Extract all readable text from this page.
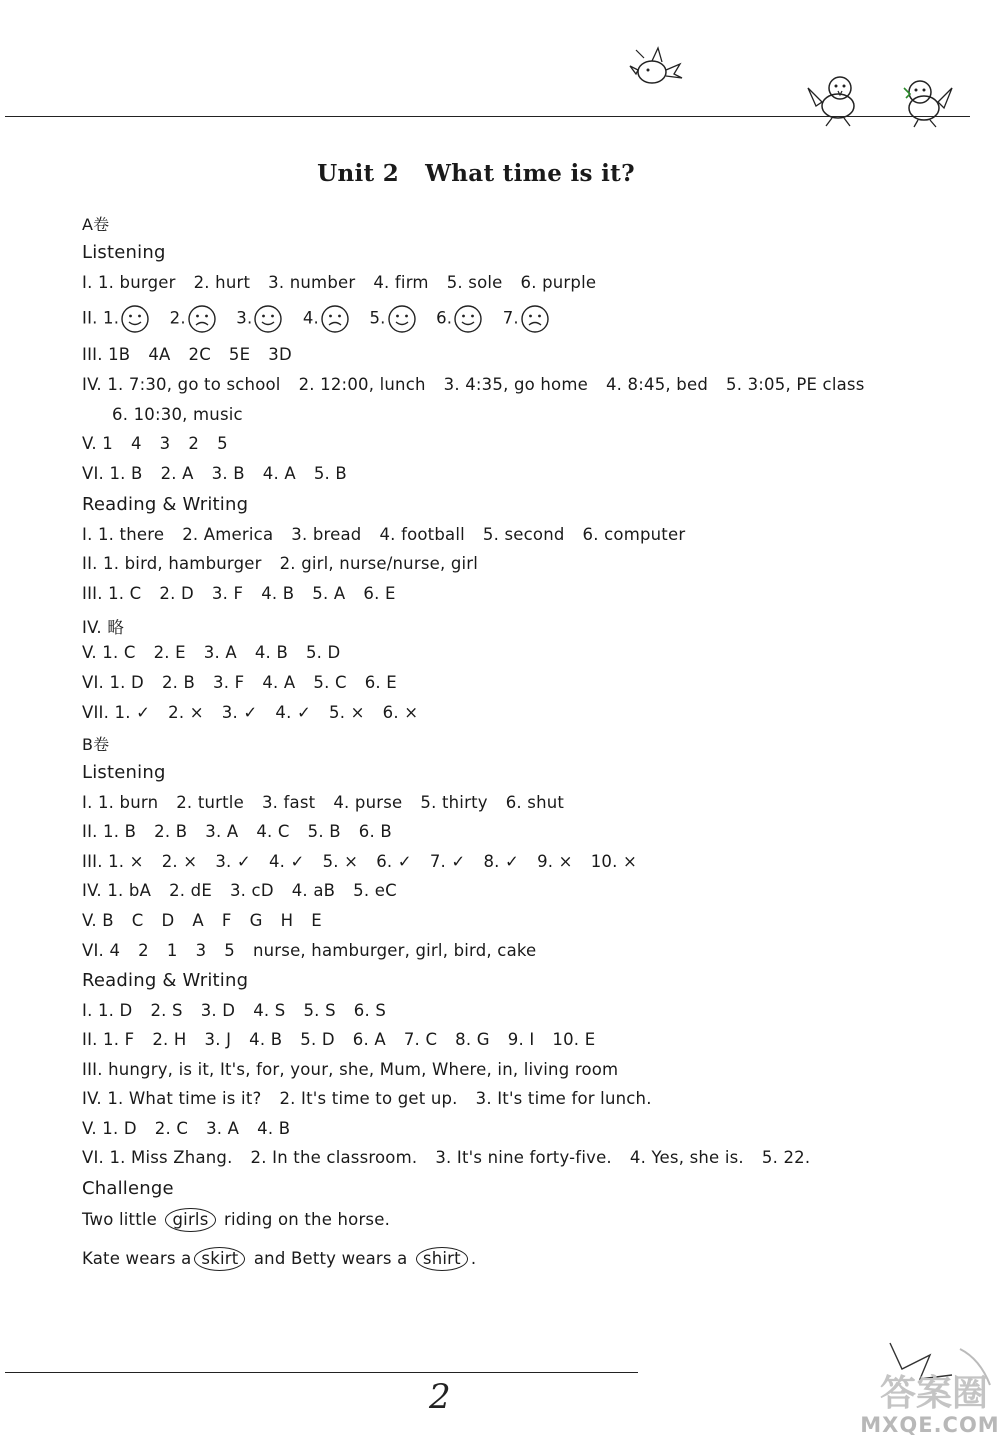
Unit 2 What time is it?
A卷
Listening
I. 1. burger 2. hurt 3. number 4. firm 5. sole 6. purple
II. 1.	2.	3.	4.	5.	6.	7.
III. 1B 4A 2C 5E 3D
IV. 1. 7:30, go to school 2. 12:00, lunch 3. 4:35, go home 4. 8:45, bed 5. 3:05, PE class
6. 10:30, music
V. 1 4 3 2 5
VI. 1. B 2. A 3. B 4. A 5. B
Reading & Writing
I. 1. there 2. America 3. bread 4. football 5. second 6. computer
II. 1. bird, hamburger 2. girl, nurse/nurse, girl
III. 1. C 2. D 3. F 4. B 5. A 6. E
IV. 略
V. 1. C 2. E 3. A 4. B 5. D
VI. 1. D 2. B 3. F 4. A 5. C 6. E
VII. 1. ✓ 2. × 3. ✓ 4. ✓ 5. × 6. ×
B卷
Listening
I. 1. burn 2. turtle 3. fast 4. purse 5. thirty 6. shut
II. 1. B 2. B 3. A 4. C 5. B 6. B
III. 1. × 2. × 3. ✓ 4. ✓ 5. × 6. ✓ 7. ✓ 8. ✓ 9. × 10. ×
IV. 1. bA 2. dE 3. cD 4. aB 5. eC
V. B C D A F G H E
VI. 4 2 1 3 5 nurse, hamburger, girl, bird, cake
Reading & Writing
I. 1. D 2. S 3. D 4. S 5. S 6. S
II. 1. F 2. H 3. J 4. B 5. D 6. A 7. C 8. G 9. I 10. E
III. hungry, is it, It's, for, your, she, Mum, Where, in, living room
IV. 1. What time is it? 2. It's time to get up. 3. It's time for lunch.
V. 1. D 2. C 3. A 4. B
VI. 1. Miss Zhang. 2. In the classroom. 3. It's nine forty-five. 4. Yes, she is. 5. 22.
Challenge
Two little girls riding on the horse.
Kate wears a skirt and Betty wears a shirt .
2	答案圈
MXQE.COM
